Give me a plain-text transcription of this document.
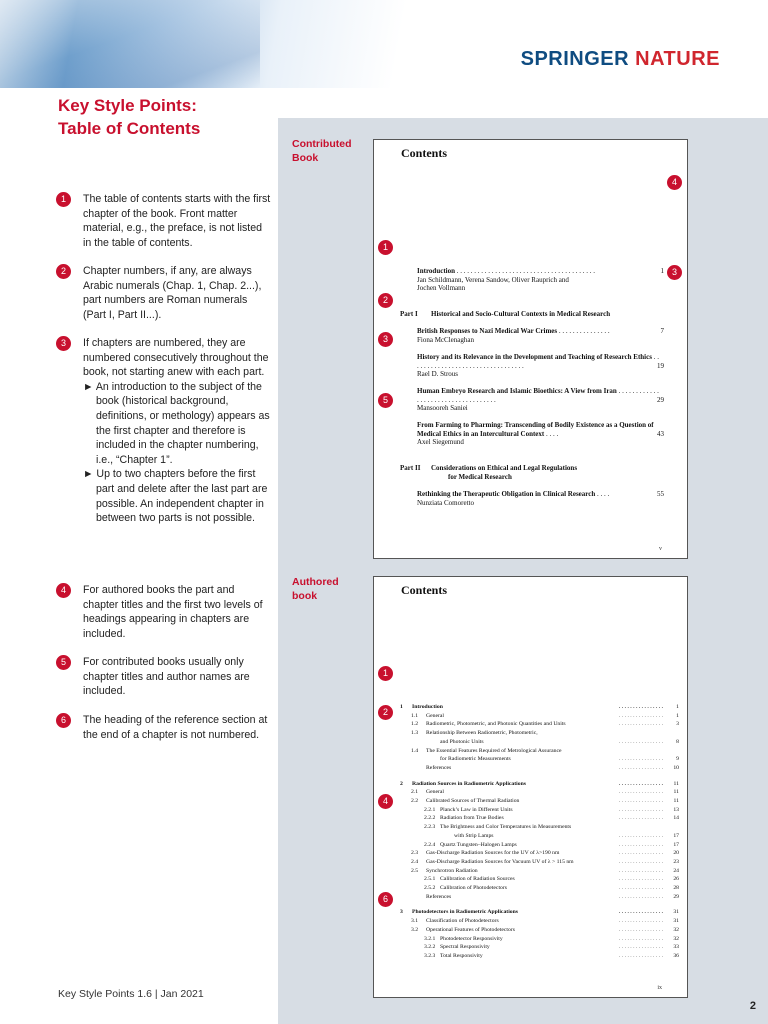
SPRINGER NATURE
Key Style Points:
Table of Contents
1	The table of contents starts with the first chapter of the book. Front matter material, e.g., the preface, is not listed in the table of contents.
2	Chapter numbers, if any, are always Arabic numerals (Chap. 1, Chap. 2...), part numbers are Roman numerals (Part I, Part II...).
3	If chapters are numbered, they are numbered consecutively throughout the book, not starting anew with each part.
► An introduction to the subject of the book (historical background, definitions, or methology) appears as the first chapter and therefore is included in the chapter numbering, i.e., “Chapter 1”.
► Up to two chapters before the first part and delete after the last part are possible. An independent chapter in between two parts is not possible.
4	For authored books the part and chapter titles and the first two levels of headings appearing in chapters are included.
5	For contributed books usually only chapter titles and author names are included.
6	The heading of the reference section at the end of a chapter is not numbered.
Key Style Points 1.6 | Jan 2021
2
Contributed
Book	Contents
Introduction . . . . . . . . . . . . . . . . . . . . . . . . . . . . . . . . . . . . . . . .	1
Jan Schildmann, Verena Sandow, Oliver Rauprich and Jochen Vollmann
Part I Historical and Socio-Cultural Contexts in Medical Research
British Responses to Nazi Medical War Crimes . . . . . . . . . . . . . . .	7
Fiona McClenaghan
History and its Relevance in the Development and Teaching of Research Ethics . . . . . . . . . . . . . . . . . . . . . . . . . . . . . . . . .	19
Rael D. Strous
Human Embryo Research and Islamic Bioethics: A View from Iran . . . . . . . . . . . . . . . . . . . . . . . . . . . . . . . . . . .	29
Mansooreh Saniei
From Farming to Pharming: Transcending of Bodily Existence as a Question of Medical Ethics in an Intercultural Context . . . .	43
Axel Siegemund
Part II Considerations on Ethical and Legal Regulations
for Medical Research
Rethinking the Therapeutic Obligation in Clinical Research . . . .	55
Nunziata Comoretto
v
4
1
3
2
3
5
Authored
book	Contents
1 Introduction	. . . . . . . . . . . . . . . .	1
1.1 General	. . . . . . . . . . . . . . . .	1
1.2 Radiometric, Photometric, and Photonic Quantities and Units	. . . . . . . . . . . . . . . .	3
1.3 Relationship Between Radiometric, Photometric,
and Photonic Units	. . . . . . . . . . . . . . . .	8
1.4 The Essential Features Required of Metrological Assurance
for Radiometric Measurements	. . . . . . . . . . . . . . . .	9
References	. . . . . . . . . . . . . . . .	10
2 Radiation Sources in Radiometric Applications	. . . . . . . . . . . . . . . .	11
2.1 General	. . . . . . . . . . . . . . . .	11
2.2 Calibrated Sources of Thermal Radiation	. . . . . . . . . . . . . . . .	11
2.2.1 Planck’s Law in Different Units	. . . . . . . . . . . . . . . .	13
2.2.2 Radiation from True Bodies	. . . . . . . . . . . . . . . .	14
2.2.3 The Brightness and Color Temperatures in Measurements
with Strip Lamps	. . . . . . . . . . . . . . . .	17
2.2.4 Quartz Tungsten–Halogen Lamps	. . . . . . . . . . . . . . . .	17
2.3 Gas-Discharge Radiation Sources for the UV of λ>190 nm	. . . . . . . . . . . . . . . .	20
2.4 Gas-Discharge Radiation Sources for Vacuum UV of λ > 115 nm	. . . . . . . . . . . . . . . .	23
2.5 Synchrotron Radiation	. . . . . . . . . . . . . . . .	24
2.5.1 Calibration of Radiation Sources	. . . . . . . . . . . . . . . .	26
2.5.2 Calibration of Photodetectors	. . . . . . . . . . . . . . . .	28
References	. . . . . . . . . . . . . . . .	29
3 Photodetectors in Radiometric Applications	. . . . . . . . . . . . . . . .	31
3.1 Classification of Photodetectors	. . . . . . . . . . . . . . . .	31
3.2 Operational Features of Photodetectors	. . . . . . . . . . . . . . . .	32
3.2.1 Photodetector Responsivity	. . . . . . . . . . . . . . . .	32
3.2.2 Spectral Responsivity	. . . . . . . . . . . . . . . .	33
3.2.3 Total Responsivity	. . . . . . . . . . . . . . . .	36
ix
1
2
4
6
